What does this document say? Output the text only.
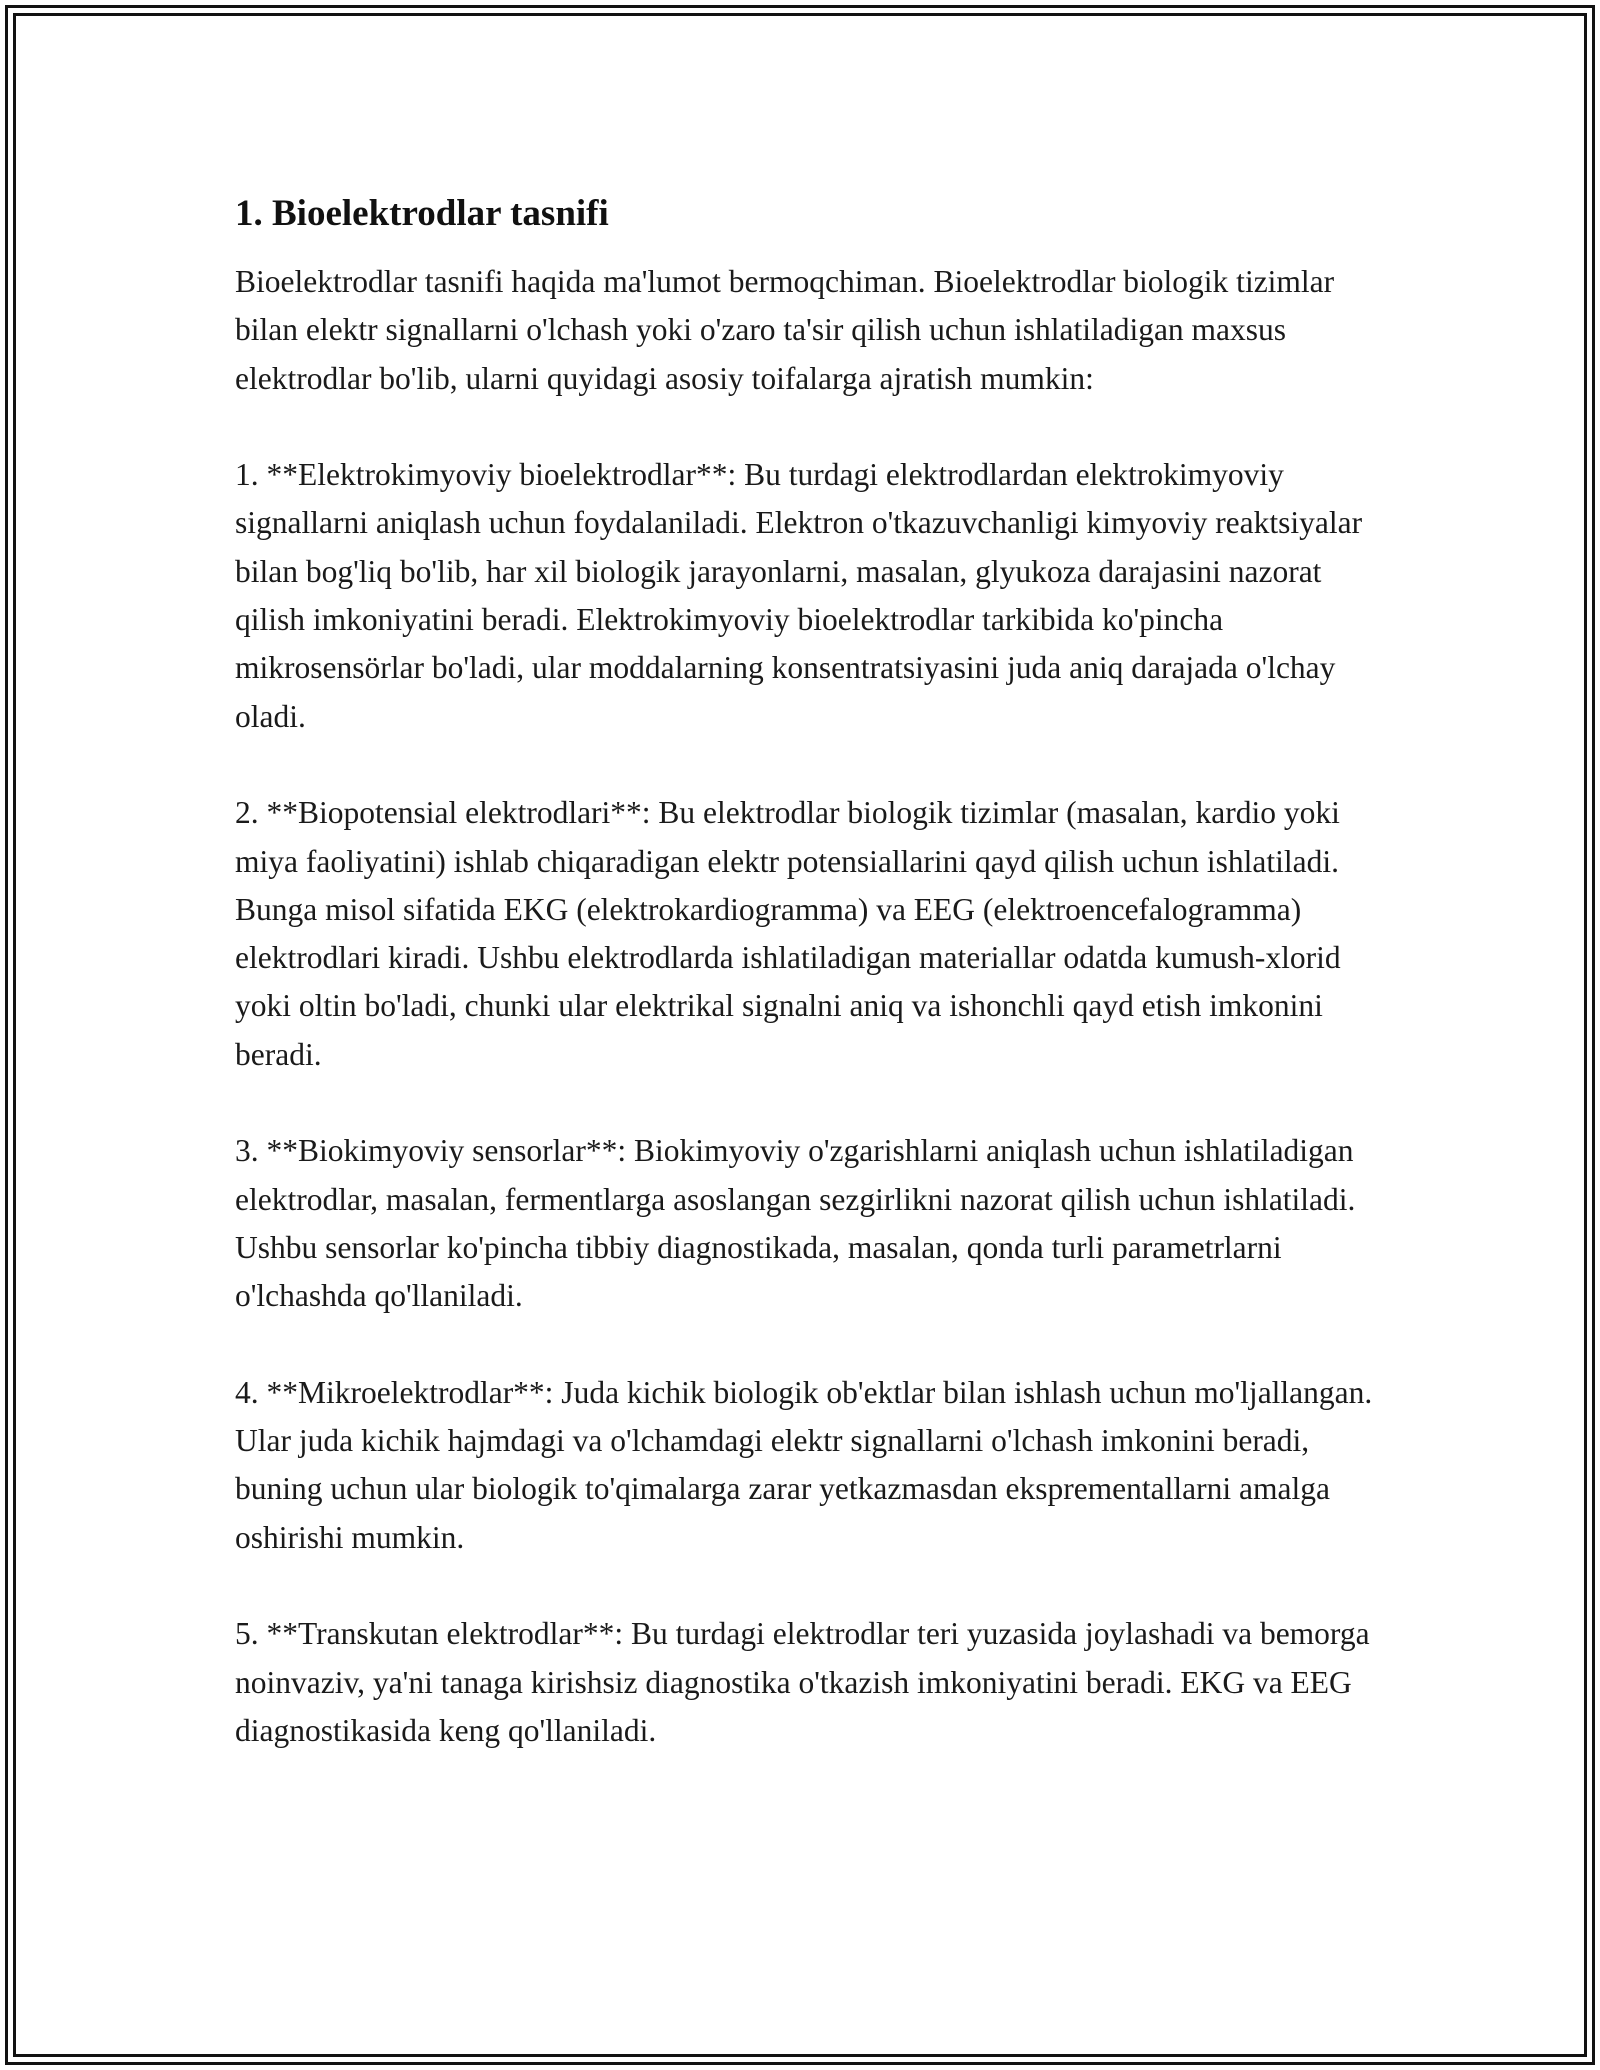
1. Bioelektrodlar tasnifi

Bioelektrodlar tasnifi haqida ma'lumot bermoqchiman. Bioelektrodlar biologik tizimlar bilan elektr signallarni o'lchash yoki o'zaro ta'sir qilish uchun ishlatiladigan maxsus elektrodlar bo'lib, ularni quyidagi asosiy toifalarga ajratish mumkin:

1. **Elektrokimyoviy bioelektrodlar**: Bu turdagi elektrodlardan elektrokimyoviy signallarni aniqlash uchun foydalaniladi. Elektron o'tkazuvchanligi kimyoviy reaktsiyalar bilan bog'liq bo'lib, har xil biologik jarayonlarni, masalan, glyukoza darajasini nazorat qilish imkoniyatini beradi. Elektrokimyoviy bioelektrodlar tarkibida ko'pincha mikrosensörlar bo'ladi, ular moddalarning konsentratsiyasini juda aniq darajada o'lchay oladi.

2. **Biopotensial elektrodlari**: Bu elektrodlar biologik tizimlar (masalan, kardio yoki miya faoliyatini) ishlab chiqaradigan elektr potensiallarini qayd qilish uchun ishlatiladi. Bunga misol sifatida EKG (elektrokardiogramma) va EEG (elektroencefalogramma) elektrodlari kiradi. Ushbu elektrodlarda ishlatiladigan materiallar odatda kumush-xlorid yoki oltin bo'ladi, chunki ular elektrikal signalni aniq va ishonchli qayd etish imkonini beradi.

3. **Biokimyoviy sensorlar**: Biokimyoviy o'zgarishlarni aniqlash uchun ishlatiladigan elektrodlar, masalan, fermentlarga asoslangan sezgirlikni nazorat qilish uchun ishlatiladi. Ushbu sensorlar ko'pincha tibbiy diagnostikada, masalan, qonda turli parametrlarni o'lchashda qo'llaniladi.

4. **Mikroelektrodlar**: Juda kichik biologik ob'ektlar bilan ishlash uchun mo'ljallangan. Ular juda kichik hajmdagi va o'lchamdagi elektr signallarni o'lchash imkonini beradi, buning uchun ular biologik to'qimalarga zarar yetkazmasdan eksprementallarni amalga oshirishi mumkin.

5. **Transkutan elektrodlar**: Bu turdagi elektrodlar teri yuzasida joylashadi va bemorga noinvaziv, ya'ni tanaga kirishsiz diagnostika o'tkazish imkoniyatini beradi. EKG va EEG diagnostikasida keng qo'llaniladi.
